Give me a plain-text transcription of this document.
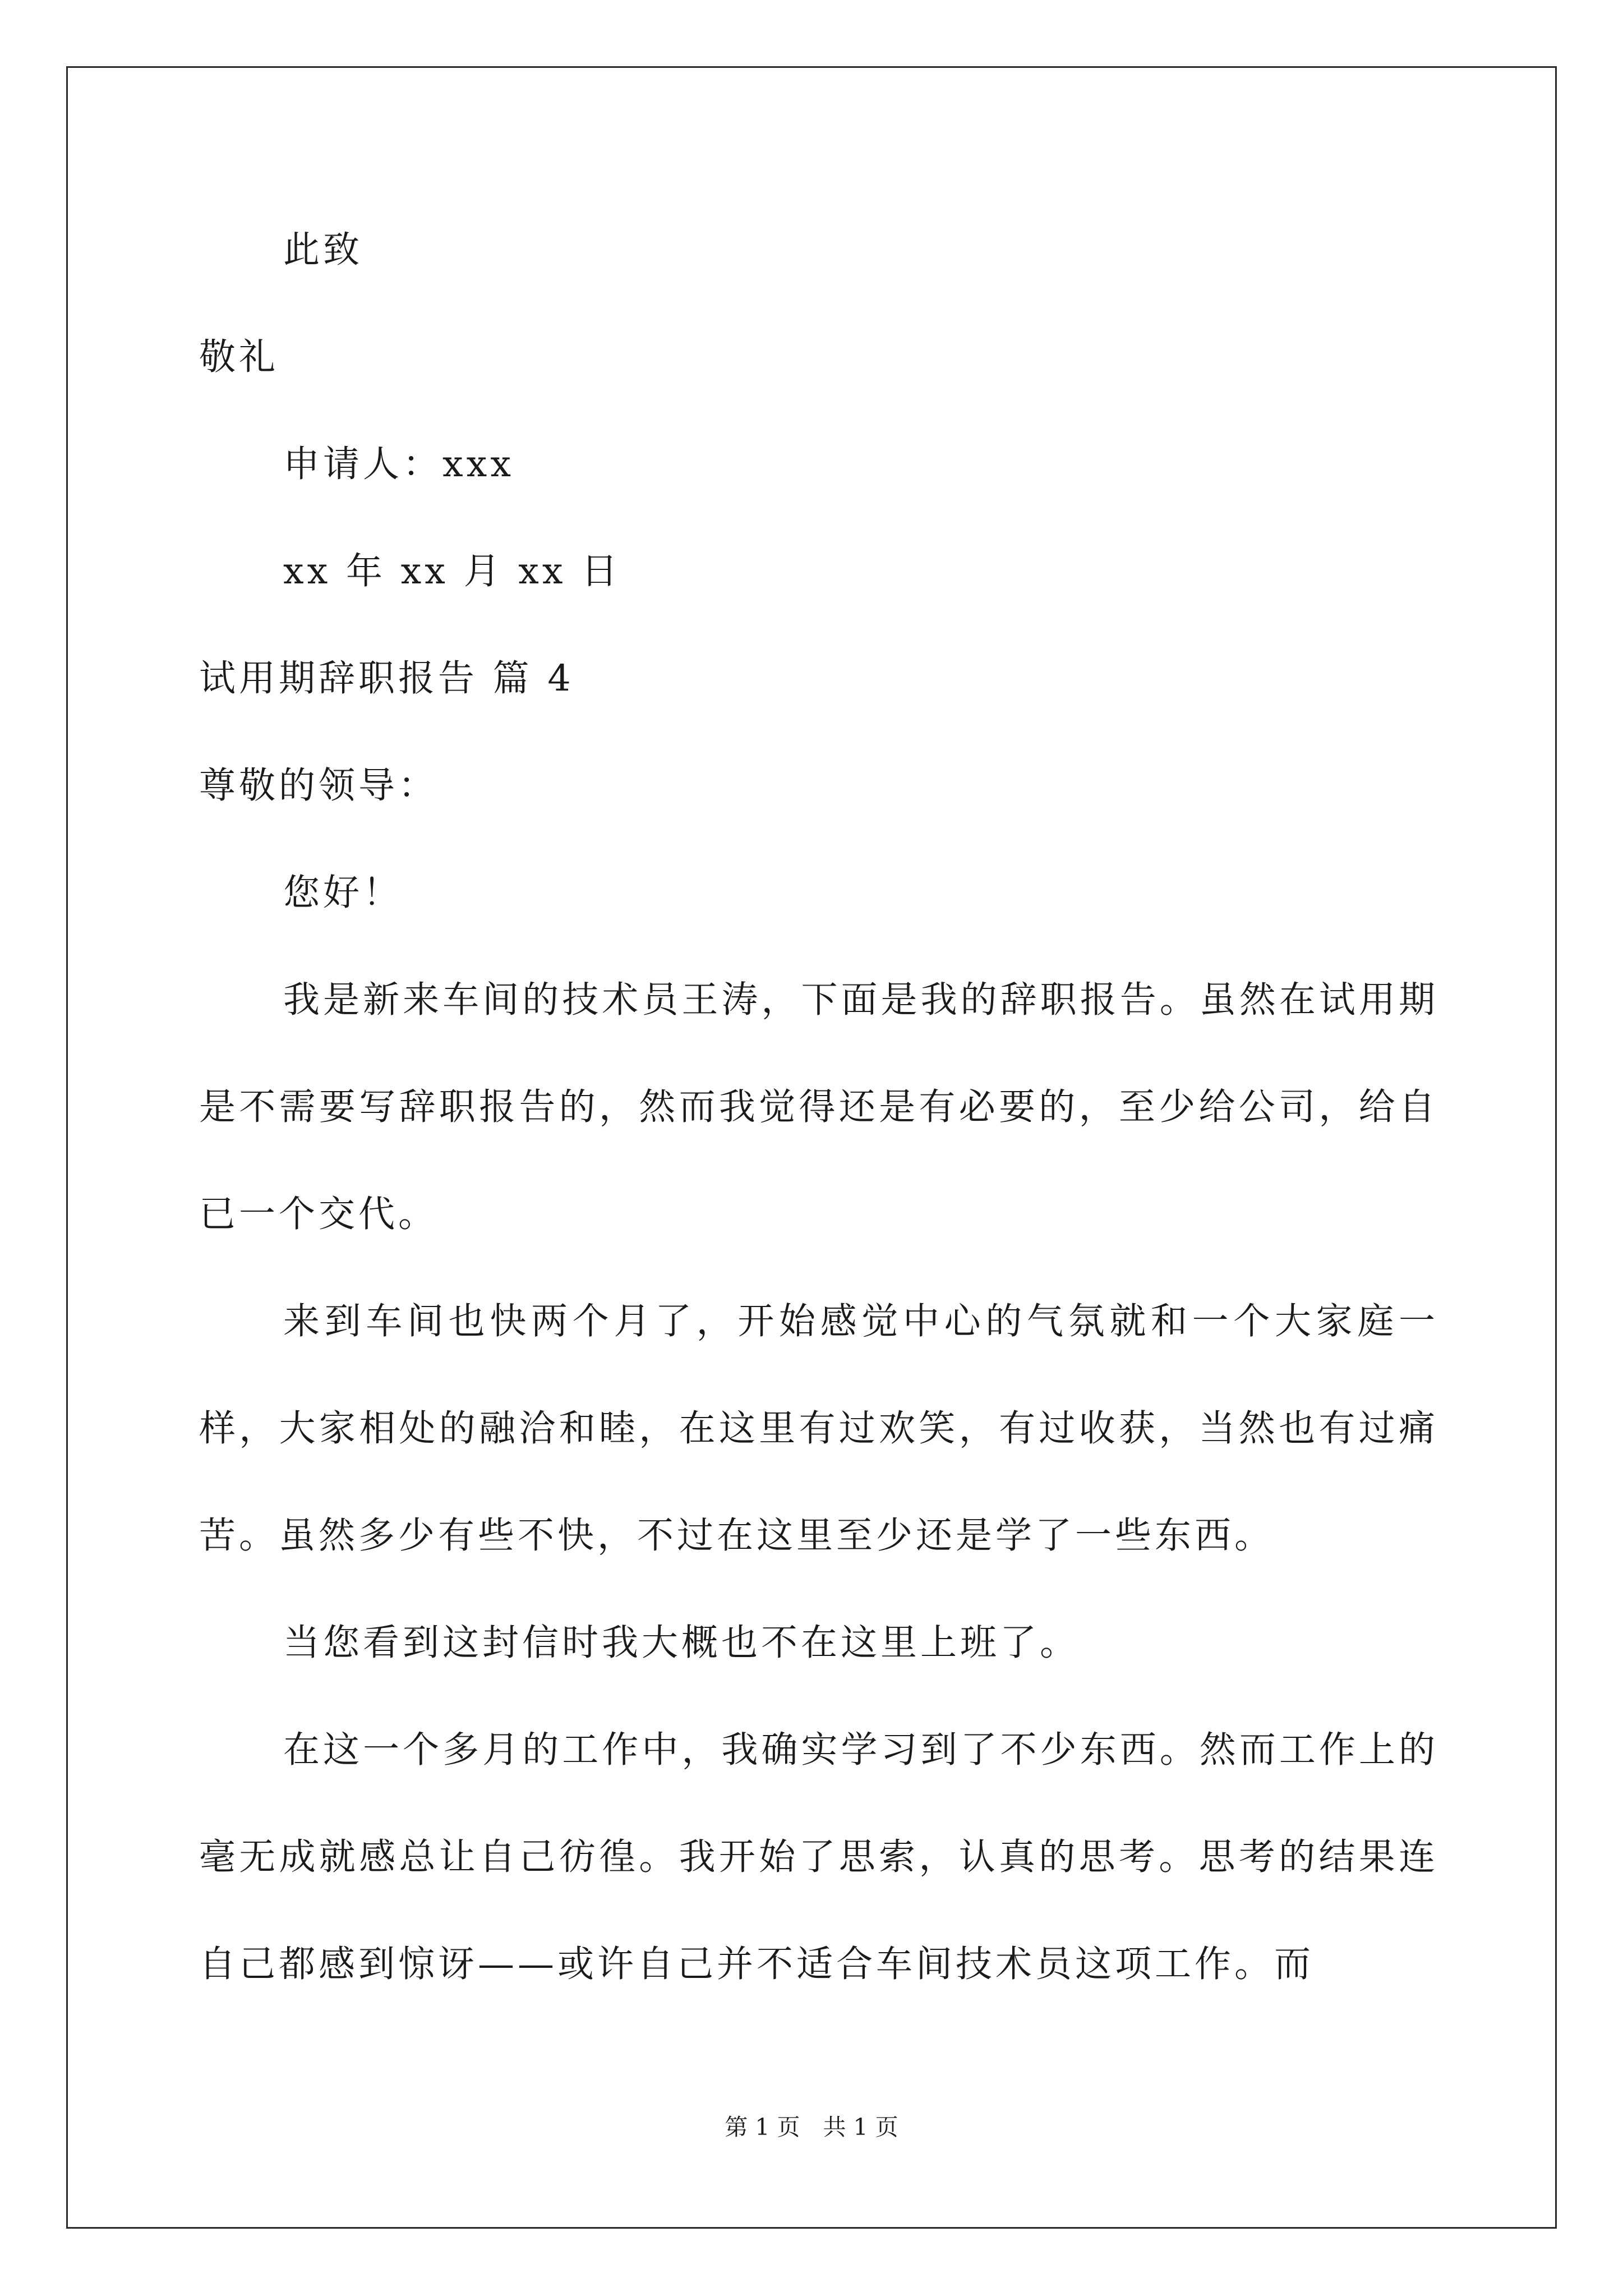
此致
敬礼
申请人：xxx
xx 年 xx 月 xx 日
试用期辞职报告 篇 4
尊敬的领导：
您好！

我是新来车间的技术员王涛，下面是我的辞职报告。虽然在试用期是不需要写辞职报告的，然而我觉得还是有必要的，至少给公司，给自已一个交代。

来到车间也快两个月了，开始感觉中心的气氛就和一个大家庭一样，大家相处的融洽和睦，在这里有过欢笑，有过收获，当然也有过痛苦。虽然多少有些不快，不过在这里至少还是学了一些东西。

当您看到这封信时我大概也不在这里上班了。

在这一个多月的工作中，我确实学习到了不少东西。然而工作上的毫无成就感总让自己彷徨。我开始了思索，认真的思考。思考的结果连自己都感到惊讶——或许自己并不适合车间技术员这项工作。而

第 1 页　共 1 页
